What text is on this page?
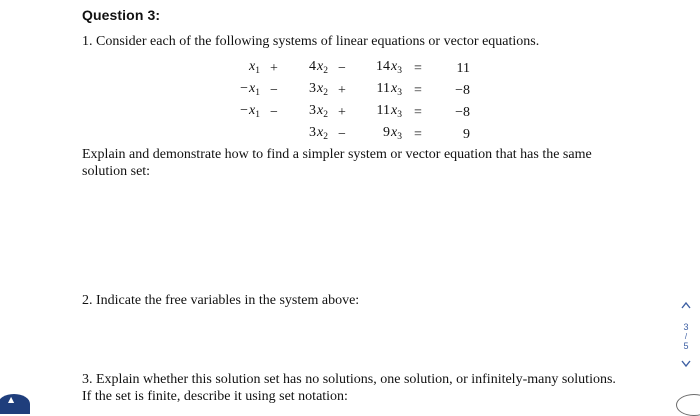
Question 3:
1. Consider each of the following systems of linear equations or vector equations.
$x_1$	+	$4x_2$	−	$14x_3$	=	11
$-x_1$	−	$3x_2$	+	$11x_3$	=	−8
$-x_1$	−	$3x_2$	+	$11x_3$	=	−8
		$3x_2$	−	$9x_3$	=	9
Explain and demonstrate how to find a simpler system or vector equation that has the same solution set:
2. Indicate the free variables in the system above:
3. Explain whether this solution set has no solutions, one solution, or infinitely-many solutions.
If the set is finite, describe it using set notation:
3
/
5
▲
